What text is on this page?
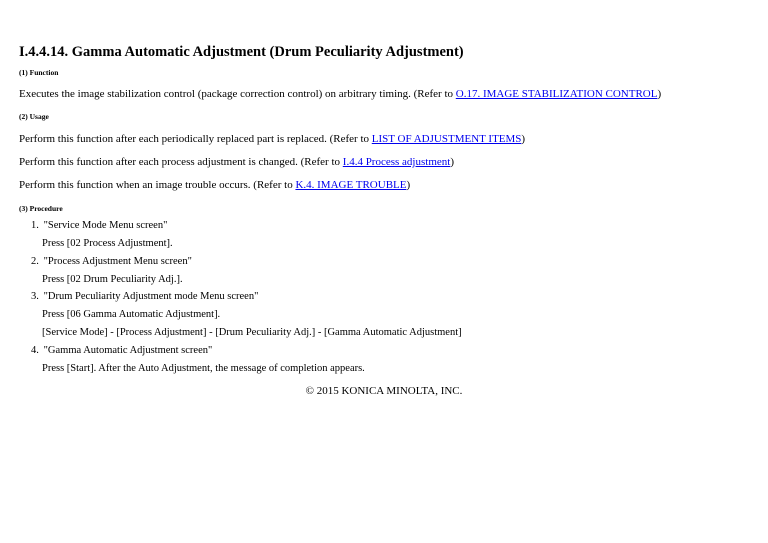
I.4.4.14. Gamma Automatic Adjustment (Drum Peculiarity Adjustment)

(1) Function

Executes the image stabilization control (package correction control) on arbitrary timing. (Refer to O.17. IMAGE STABILIZATION CONTROL)

(2) Usage

Perform this function after each periodically replaced part is replaced. (Refer to LIST OF ADJUSTMENT ITEMS)

Perform this function after each process adjustment is changed. (Refer to I.4.4 Process adjustment)

Perform this function when an image trouble occurs. (Refer to K.4. IMAGE TROUBLE)

(3) Procedure

1. "Service Mode Menu screen"

Press [02 Process Adjustment].

2. "Process Adjustment Menu screen"

Press [02 Drum Peculiarity Adj.].

3. "Drum Peculiarity Adjustment mode Menu screen"

Press [06 Gamma Automatic Adjustment].

[Service Mode] - [Process Adjustment] - [Drum Peculiarity Adj.] - [Gamma Automatic Adjustment]

4. "Gamma Automatic Adjustment screen"

Press [Start]. After the Auto Adjustment, the message of completion appears.

© 2015 KONICA MINOLTA, INC.
